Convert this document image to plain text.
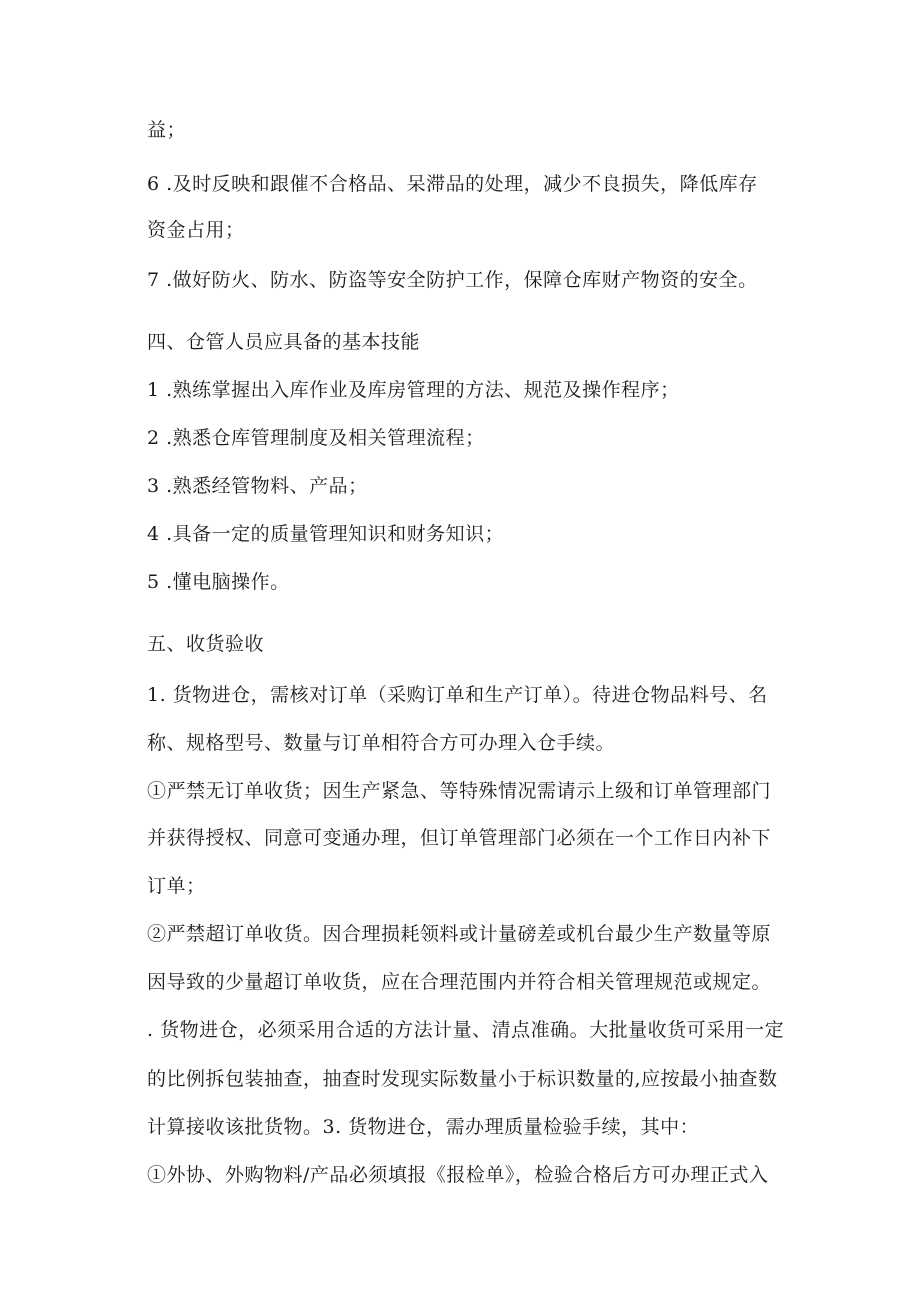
益；
6 .及时反映和跟催不合格品、呆滞品的处理，减少不良损失，降低库存
资金占用；
7 .做好防火、防水、防盗等安全防护工作，保障仓库财产物资的安全。
四、仓管人员应具备的基本技能
1 .熟练掌握出入库作业及库房管理的方法、规范及操作程序；
2 .熟悉仓库管理制度及相关管理流程；
3 .熟悉经管物料、产品；
4 .具备一定的质量管理知识和财务知识；
5 .懂电脑操作。
五、收货验收
1. 货物进仓，需核对订单（采购订单和生产订单）。待进仓物品料号、名
称、规格型号、数量与订单相符合方可办理入仓手续。
①严禁无订单收货；因生产紧急、等特殊情况需请示上级和订单管理部门
并获得授权、同意可变通办理，但订单管理部门必须在一个工作日内补下
订单；
②严禁超订单收货。因合理损耗领料或计量磅差或机台最少生产数量等原
因导致的少量超订单收货，应在合理范围内并符合相关管理规范或规定。
. 货物进仓，必须采用合适的方法计量、清点准确。大批量收货可采用一定
的比例拆包装抽查，抽查时发现实际数量小于标识数量的,应按最小抽查数
计算接收该批货物。3. 货物进仓，需办理质量检验手续，其中：
①外协、外购物料/产品必须填报《报检单》，检验合格后方可办理正式入
